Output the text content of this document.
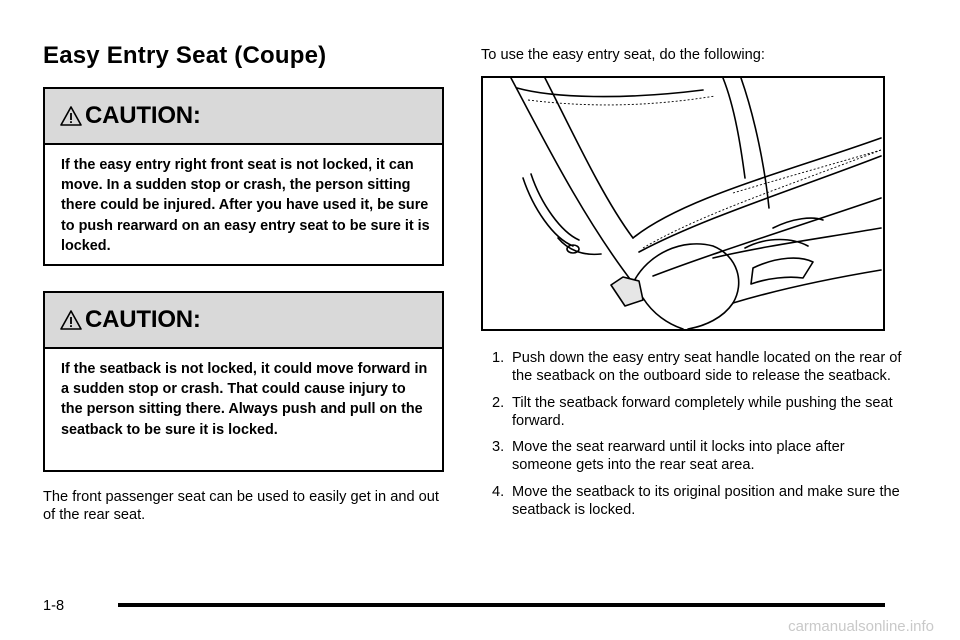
Easy Entry Seat (Coupe)
CAUTION:

If the easy entry right front seat is not locked, it can move. In a sudden stop or crash, the person sitting there could be injured. After you have used it, be sure to push rearward on an easy entry seat to be sure it is locked.

CAUTION:

If the seatback is not locked, it could move forward in a sudden stop or crash. That could cause injury to the person sitting there. Always push and pull on the seatback to be sure it is locked.

The front passenger seat can be used to easily get in and out of the rear seat.

To use the easy entry seat, do the following:

1. Push down the easy entry seat handle located on the rear of the seatback on the outboard side to release the seatback.
2. Tilt the seatback forward completely while pushing the seat forward.
3. Move the seat rearward until it locks into place after someone gets into the rear seat area.
4. Move the seatback to its original position and make sure the seatback is locked.

1-8

carmanualsonline.info
